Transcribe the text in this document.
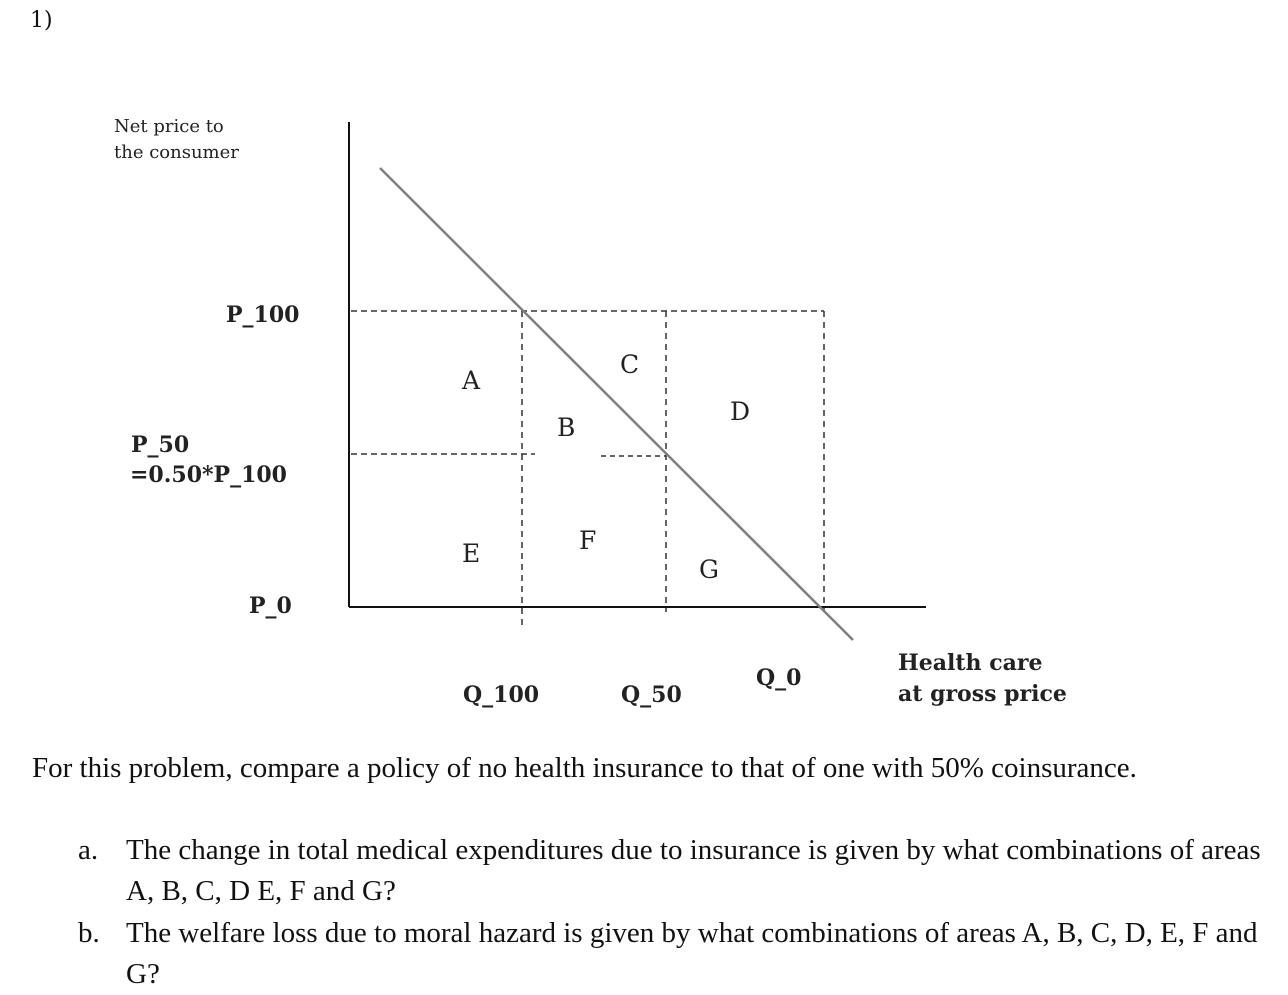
1)
Net price to
the consumer
P_100
P_50
=0.50*P_100
P_0
A
B
C
D
E	F
G
Q_100	Q_50
Q_0
Health care
at gross price
For this problem, compare a policy of no health insurance to that of one with 50% coinsurance.
a. The change in total medical expenditures due to insurance is given by what combinations of areas A, B, C, D E, F and G?
b. The welfare loss due to moral hazard is given by what combinations of areas A, B, C, D, E, F and G?
